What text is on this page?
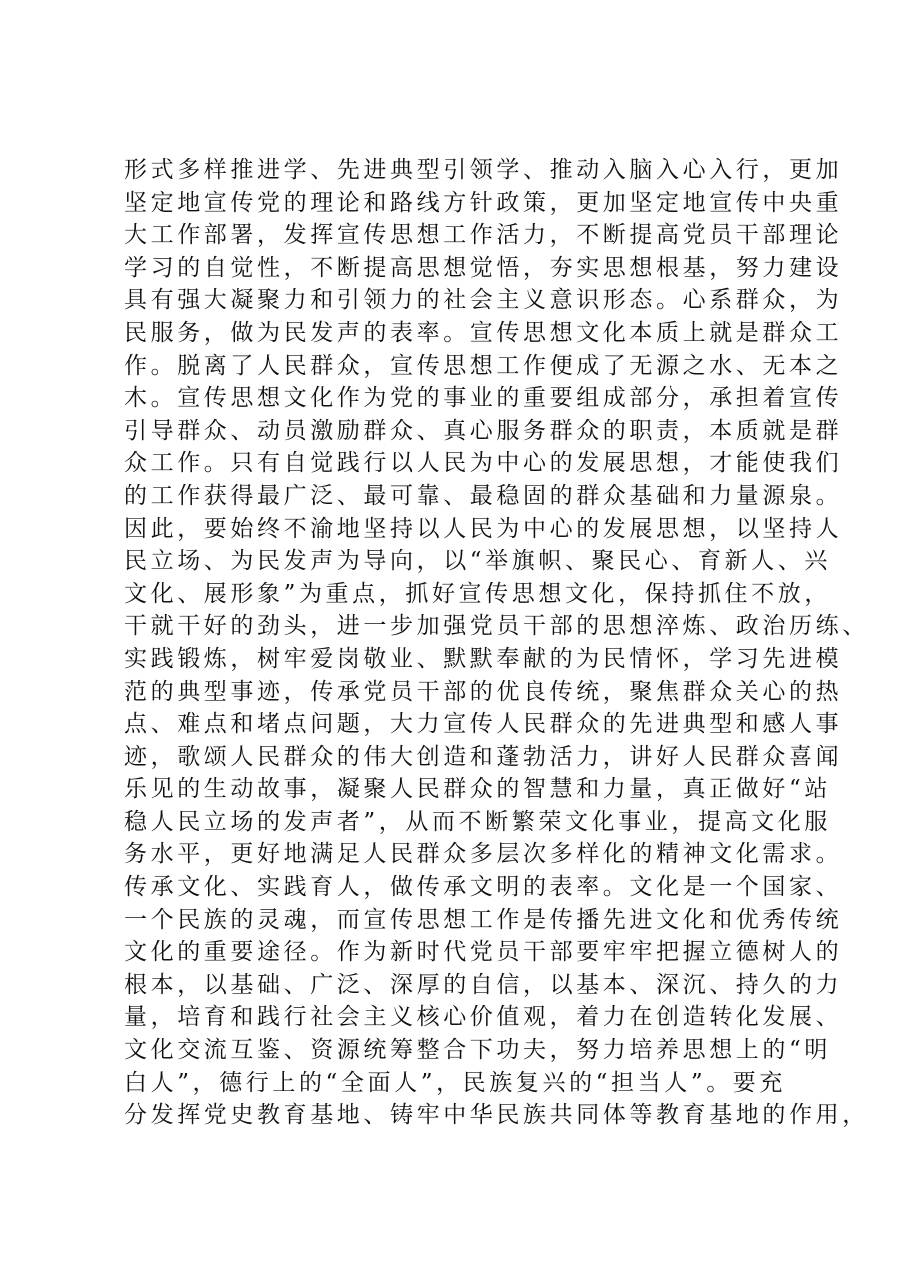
形式多样推进学、先进典型引领学、推动入脑入心入行，更加
坚定地宣传党的理论和路线方针政策，更加坚定地宣传中央重
大工作部署，发挥宣传思想工作活力，不断提高党员干部理论
学习的自觉性，不断提高思想觉悟，夯实思想根基，努力建设
具有强大凝聚力和引领力的社会主义意识形态。心系群众，为
民服务，做为民发声的表率。宣传思想文化本质上就是群众工
作。脱离了人民群众，宣传思想工作便成了无源之水、无本之
木。宣传思想文化作为党的事业的重要组成部分，承担着宣传
引导群众、动员激励群众、真心服务群众的职责，本质就是群
众工作。只有自觉践行以人民为中心的发展思想，才能使我们
的工作获得最广泛、最可靠、最稳固的群众基础和力量源泉。
因此，要始终不渝地坚持以人民为中心的发展思想，以坚持人
民立场、为民发声为导向，以“举旗帜、聚民心、育新人、兴
文化、展形象”为重点，抓好宣传思想文化，保持抓住不放，
干就干好的劲头，进一步加强党员干部的思想淬炼、政治历练、
实践锻炼，树牢爱岗敬业、默默奉献的为民情怀，学习先进模
范的典型事迹，传承党员干部的优良传统，聚焦群众关心的热
点、难点和堵点问题，大力宣传人民群众的先进典型和感人事
迹，歌颂人民群众的伟大创造和蓬勃活力，讲好人民群众喜闻
乐见的生动故事，凝聚人民群众的智慧和力量，真正做好“站
稳人民立场的发声者”，从而不断繁荣文化事业，提高文化服
务水平，更好地满足人民群众多层次多样化的精神文化需求。
传承文化、实践育人，做传承文明的表率。文化是一个国家、
一个民族的灵魂，而宣传思想工作是传播先进文化和优秀传统
文化的重要途径。作为新时代党员干部要牢牢把握立德树人的
根本，以基础、广泛、深厚的自信，以基本、深沉、持久的力
量，培育和践行社会主义核心价值观，着力在创造转化发展、
文化交流互鉴、资源统筹整合下功夫，努力培养思想上的“明
白人”，德行上的“全面人”，民族复兴的“担当人”。要充
分发挥党史教育基地、铸牢中华民族共同体等教育基地的作用，
